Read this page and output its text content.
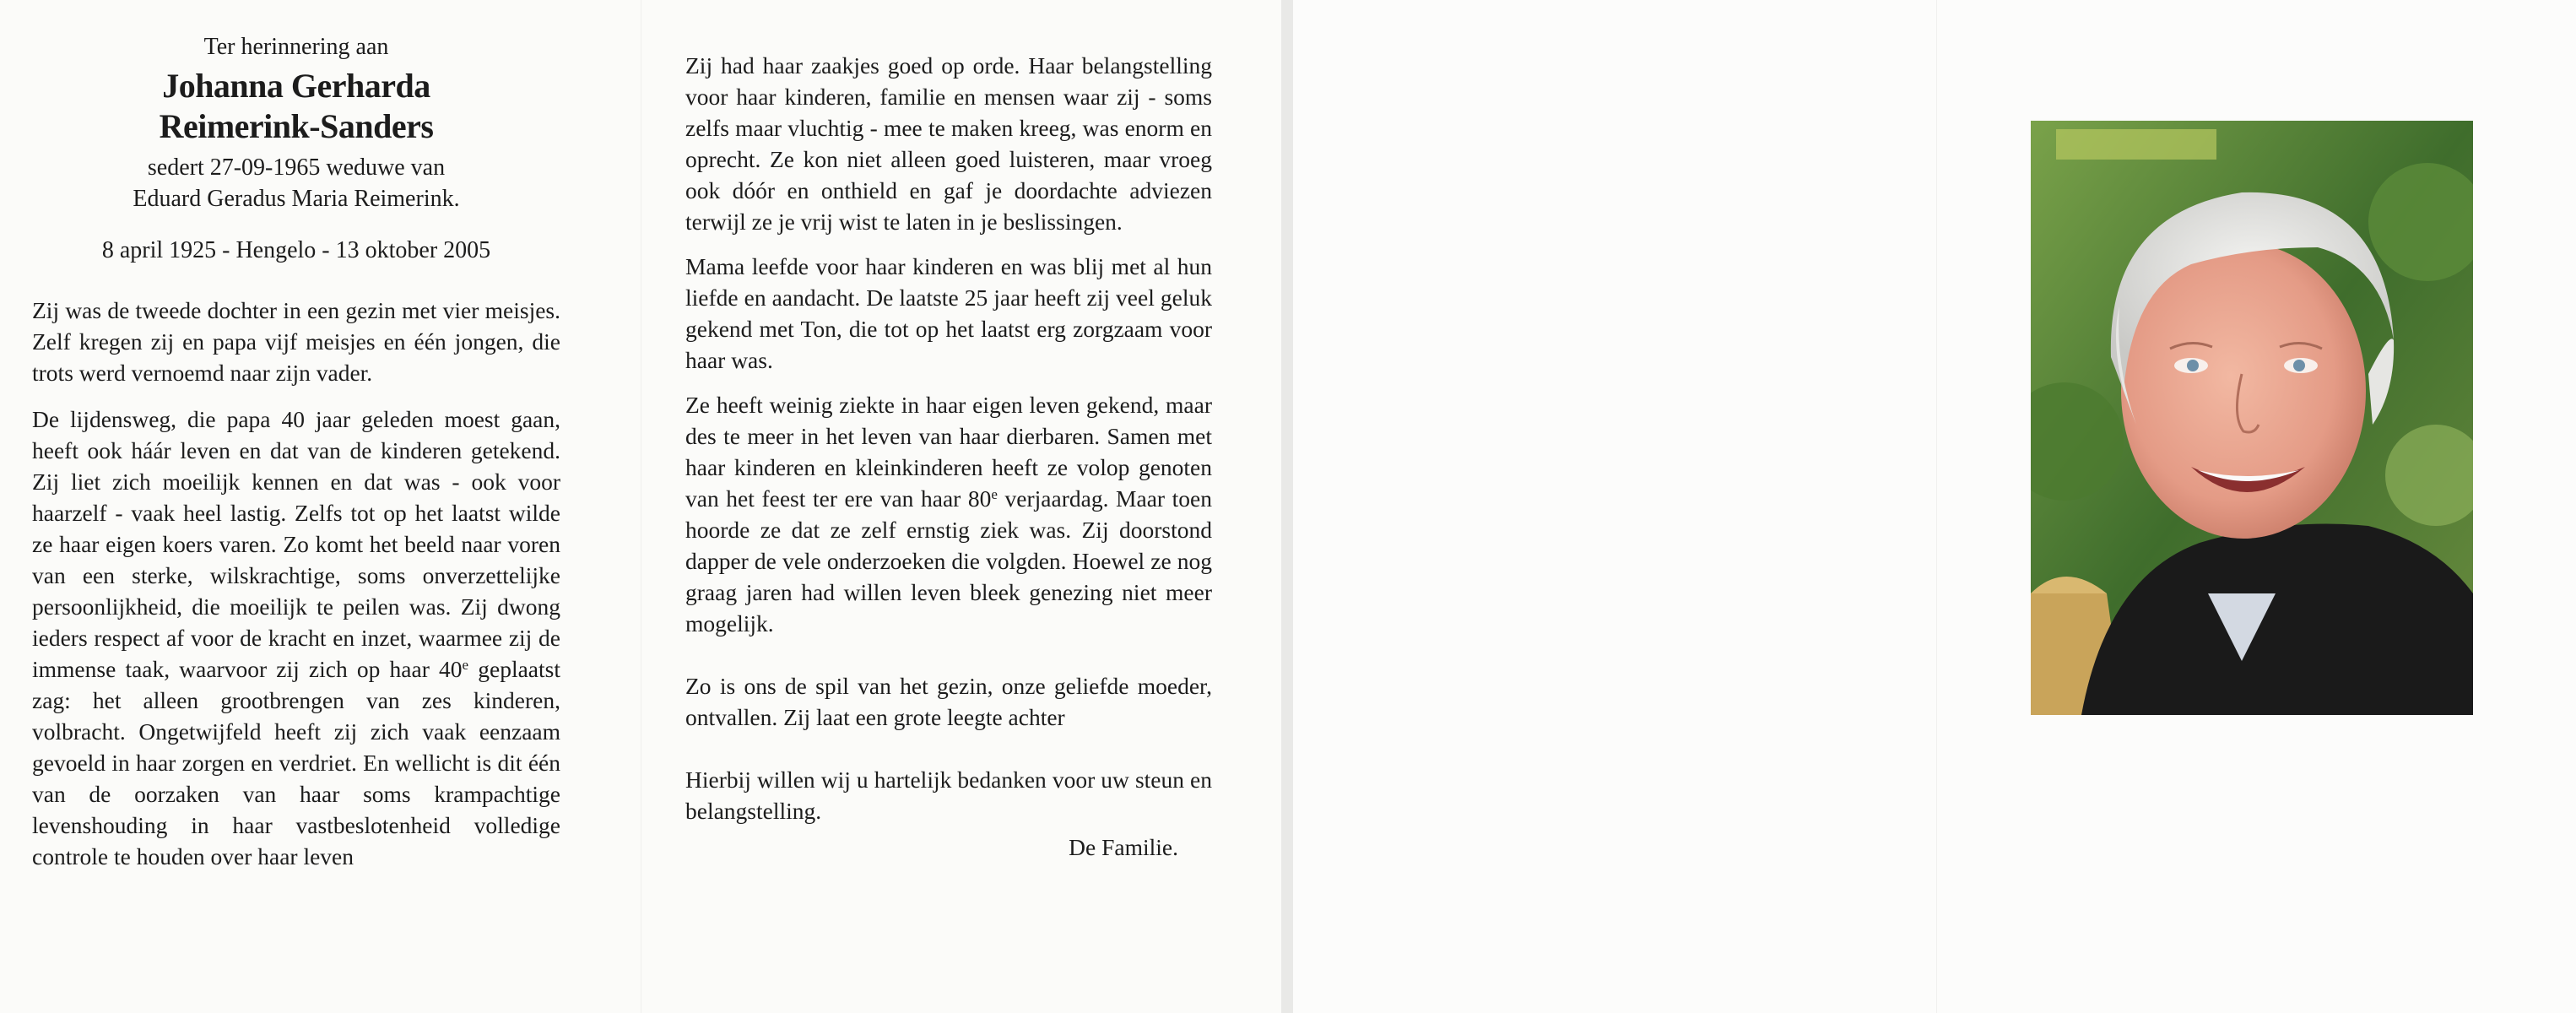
Ter herinnering aan
Johanna Gerharda
Reimerink-Sanders
sedert 27-09-1965 weduwe van
Eduard Geradus Maria Reimerink.
8 april 1925 - Hengelo - 13 oktober 2005

Zij was de tweede dochter in een gezin met vier meisjes. Zelf kregen zij en papa vijf meisjes en één jongen, die trots werd vernoemd naar zijn vader.

De lijdensweg, die papa 40 jaar geleden moest gaan, heeft ook háár leven en dat van de kinderen getekend. Zij liet zich moeilijk kennen en dat was - ook voor haarzelf - vaak heel lastig. Zelfs tot op het laatst wilde ze haar eigen koers varen. Zo komt het beeld naar voren van een sterke, wilskrachtige, soms onverzettelijke persoonlijkheid, die moeilijk te peilen was. Zij dwong ieders respect af voor de kracht en inzet, waarmee zij de immense taak, waarvoor zij zich op haar 40e geplaatst zag: het alleen grootbrengen van zes kinderen, volbracht. Ongetwijfeld heeft zij zich vaak eenzaam gevoeld in haar zorgen en verdriet. En wellicht is dit één van de oorzaken van haar soms krampachtige levenshouding in haar vastbeslotenheid volledige controle te houden over haar leven

Zij had haar zaakjes goed op orde. Haar belangstelling voor haar kinderen, familie en mensen waar zij - soms zelfs maar vluchtig - mee te maken kreeg, was enorm en oprecht. Ze kon niet alleen goed luisteren, maar vroeg ook dóór en onthield en gaf je doordachte adviezen terwijl ze je vrij wist te laten in je beslissingen.

Mama leefde voor haar kinderen en was blij met al hun liefde en aandacht. De laatste 25 jaar heeft zij veel geluk gekend met Ton, die tot op het laatst erg zorgzaam voor haar was.

Ze heeft weinig ziekte in haar eigen leven gekend, maar des te meer in het leven van haar dierbaren. Samen met haar kinderen en kleinkinderen heeft ze volop genoten van het feest ter ere van haar 80e verjaardag. Maar toen hoorde ze dat ze zelf ernstig ziek was. Zij doorstond dapper de vele onderzoeken die volgden. Hoewel ze nog graag jaren had willen leven bleek genezing niet meer mogelijk.

Zo is ons de spil van het gezin, onze geliefde moeder, ontvallen. Zij laat een grote leegte achter

Hierbij willen wij u hartelijk bedanken voor uw steun en belangstelling.

De Familie.
